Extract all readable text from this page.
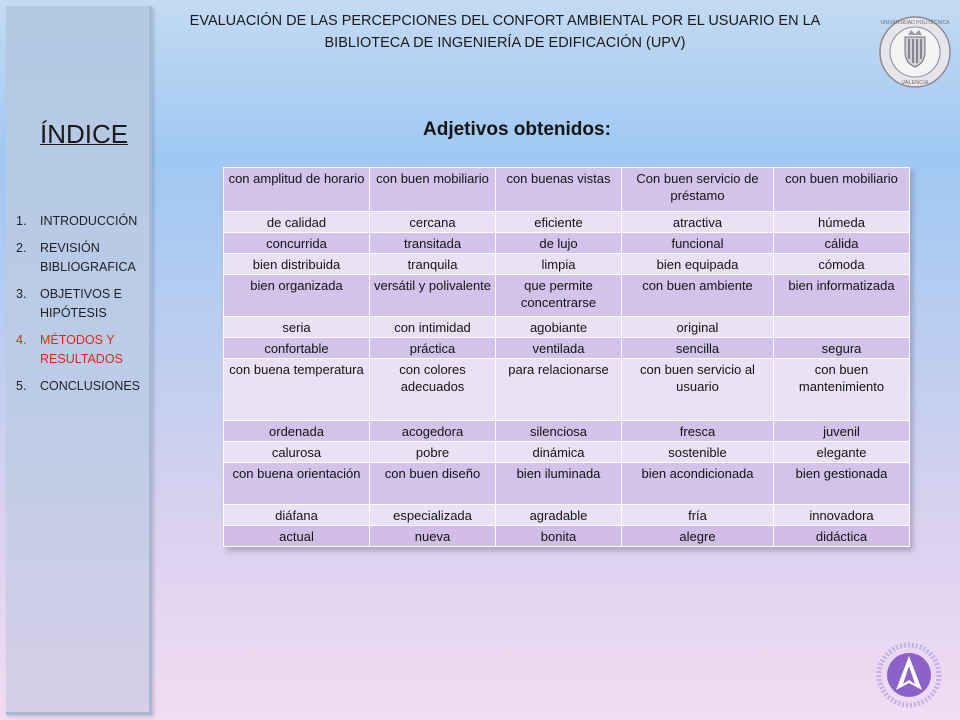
ÍNDICE
1.	INTRODUCCIÓN
2.	REVISIÓN BIBLIOGRAFICA
3.	OBJETIVOS E HIPÓTESIS
4.	MÉTODOS Y RESULTADOS
5.	CONCLUSIONES
EVALUACIÓN DE LAS PERCEPCIONES DEL CONFORT AMBIENTAL POR EL USUARIO EN LA
BIBLIOTECA DE INGENIERÍA DE EDIFICACIÓN (UPV)
UNIVERSIDAD POLITÉCNICA
VALENCIA
Adjetivos obtenidos:
con amplitud de horario	con buen mobiliario	con buenas vistas	Con buen servicio de préstamo	con buen mobiliario
de calidad	cercana	eficiente	atractiva	húmeda
concurrida	transitada	de lujo	funcional	cálida
bien distribuida	tranquila	limpia	bien equipada	cómoda
bien organizada	versátil y polivalente	que permite concentrarse	con buen ambiente	bien informatizada
seria	con intimidad	agobiante	original	
confortable	práctica	ventilada	sencilla	segura
con buena temperatura	con colores adecuados	para relacionarse	con buen servicio al usuario	con buen mantenimiento
ordenada	acogedora	silenciosa	fresca	juvenil
calurosa	pobre	dinámica	sostenible	elegante
con buena orientación	con buen diseño	bien iluminada	bien acondicionada	bien gestionada
diáfana	especializada	agradable	fría	innovadora
actual	nueva	bonita	alegre	didáctica
